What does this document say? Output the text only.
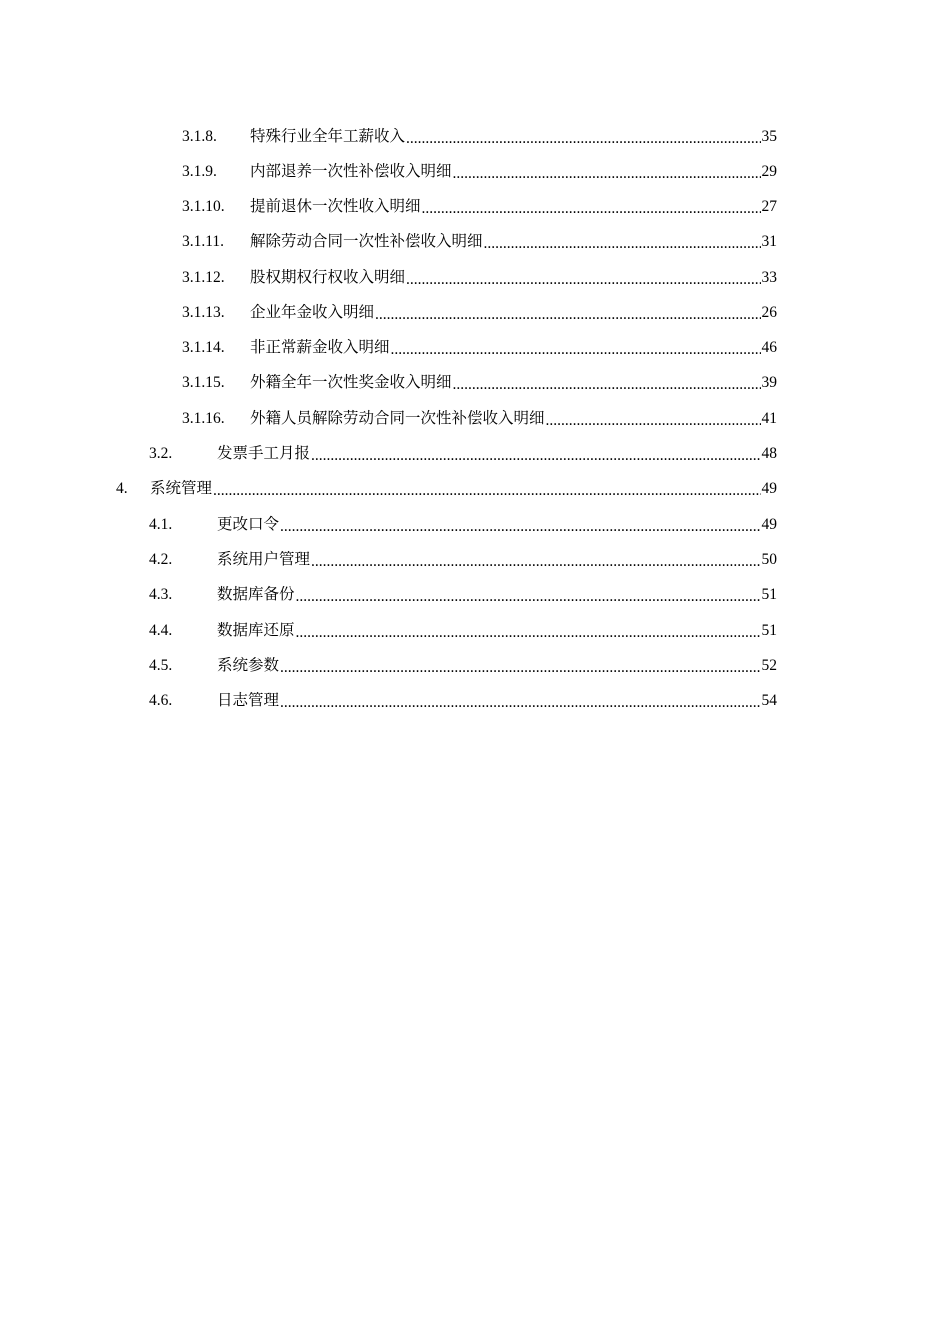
3.1.8.	特殊行业全年工薪收入 .....	35
3.1.9.	内部退养一次性补偿收入明细 .....	29
3.1.10.	提前退休一次性收入明细 .....	27
3.1.11.	解除劳动合同一次性补偿收入明细 .....	31
3.1.12.	股权期权行权收入明细 .....	33
3.1.13.	企业年金收入明细 .....	26
3.1.14.	非正常薪金收入明细 .....	46
3.1.15.	外籍全年一次性奖金收入明细 .....	39
3.1.16.	外籍人员解除劳动合同一次性补偿收入明细 .....	41
3.2.	发票手工月报 .....	48
4.	系统管理 .....	49
4.1.	更改口令 .....	49
4.2.	系统用户管理 .....	50
4.3.	数据库备份 .....	51
4.4.	数据库还原 .....	51
4.5.	系统参数 .....	52
4.6.	日志管理 .....	54
